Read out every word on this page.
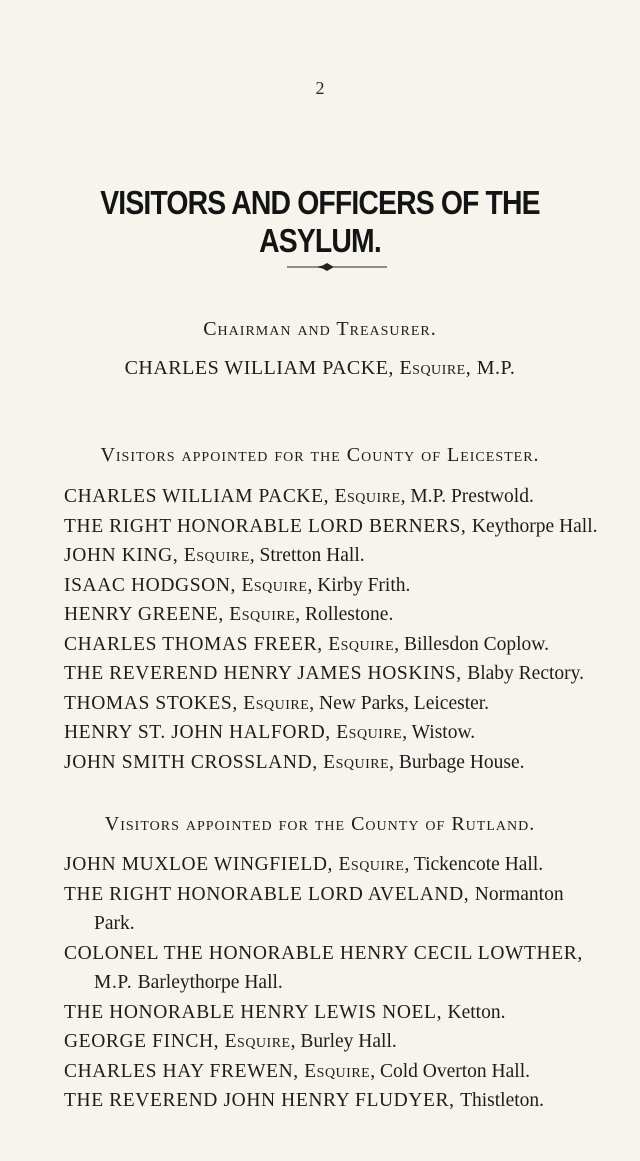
2
VISITORS AND OFFICERS OF THE ASYLUM.
Chairman and Treasurer.
CHARLES WILLIAM PACKE, Esquire, M.P.
Visitors appointed for the County of Leicester.
CHARLES WILLIAM PACKE, Esquire, M.P. Prestwold.
THE RIGHT HONORABLE LORD BERNERS, Keythorpe Hall.
JOHN KING, Esquire, Stretton Hall.
ISAAC HODGSON, Esquire, Kirby Frith.
HENRY GREENE, Esquire, Rollestone.
CHARLES THOMAS FREER, Esquire, Billesdon Coplow.
THE REVEREND HENRY JAMES HOSKINS, Blaby Rectory.
THOMAS STOKES, Esquire, New Parks, Leicester.
HENRY ST. JOHN HALFORD, Esquire, Wistow.
JOHN SMITH CROSSLAND, Esquire, Burbage House.
Visitors appointed for the County of Rutland.
JOHN MUXLOE WINGFIELD, Esquire, Tickencote Hall.
THE RIGHT HONORABLE LORD AVELAND, Normanton
Park.
COLONEL THE HONORABLE HENRY CECIL LOWTHER,
M.P. Barleythorpe Hall.
THE HONORABLE HENRY LEWIS NOEL, Ketton.
GEORGE FINCH, Esquire, Burley Hall.
CHARLES HAY FREWEN, Esquire, Cold Overton Hall.
THE REVEREND JOHN HENRY FLUDYER, Thistleton.
